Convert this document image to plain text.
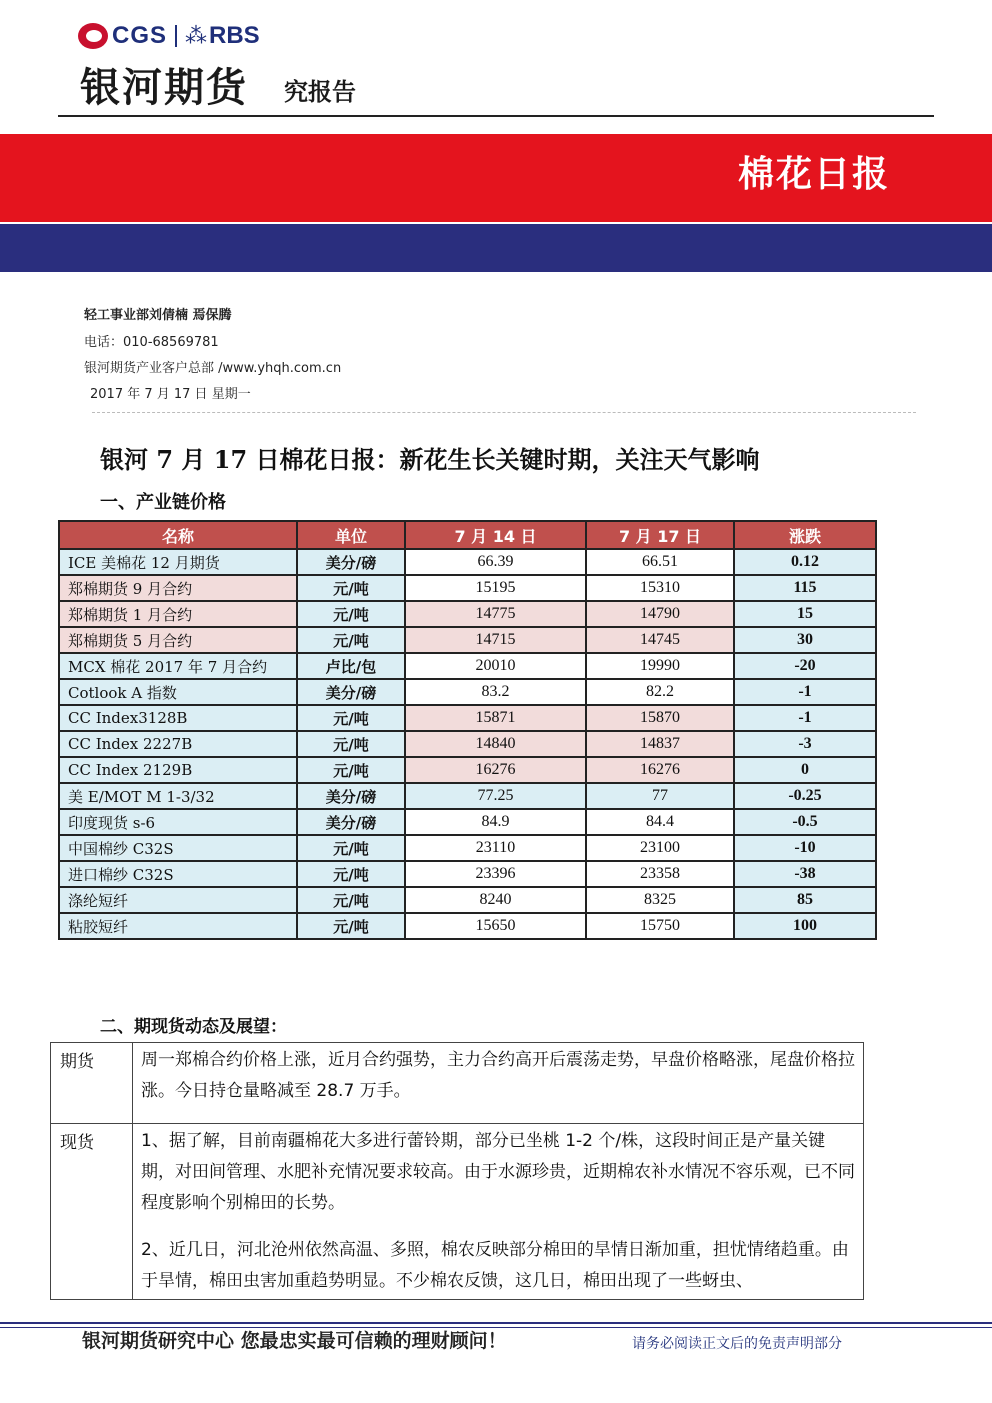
CGS ⁂ RBS
银河期货 究报告
棉花日报
轻工事业部刘倩楠 焉保腾
电话：010-68569781
银河期货产业客户总部 /www.yhqh.com.cn
2017 年 7 月 17 日 星期一
银河 7 月 17 日棉花日报：新花生长关键时期，关注天气影响
一、产业链价格
名称	单位	7 月 14 日	7 月 17 日	涨跌
ICE 美棉花 12 月期货	美分/磅	66.39	66.51	0.12
郑棉期货 9 月合约	元/吨	15195	15310	115
郑棉期货 1 月合约	元/吨	14775	14790	15
郑棉期货 5 月合约	元/吨	14715	14745	30
MCX 棉花 2017 年 7 月合约	卢比/包	20010	19990	-20
Cotlook A 指数	美分/磅	83.2	82.2	-1
CC Index3128B	元/吨	15871	15870	-1
CC Index 2227B	元/吨	14840	14837	-3
CC Index 2129B	元/吨	16276	16276	0
美 E/MOT M 1-3/32	美分/磅	77.25	77	-0.25
印度现货 s-6	美分/磅	84.9	84.4	-0.5
中国棉纱 C32S	元/吨	23110	23100	-10
进口棉纱 C32S	元/吨	23396	23358	-38
涤纶短纤	元/吨	8240	8325	85
粘胶短纤	元/吨	15650	15750	100
二、期现货动态及展望：
期货	周一郑棉合约价格上涨，近月合约强势，主力合约高开后震荡走势，早盘价格略涨，尾盘价格拉涨。今日持仓量略减至 28.7 万手。

现货	1、据了解，目前南疆棉花大多进行蕾铃期，部分已坐桃 1-2 个/株，这段时间正是产量关键期，对田间管理、水肥补充情况要求较高。由于水源珍贵，近期棉农补水情况不容乐观，已不同程度影响个别棉田的长势。

2、近几日，河北沧州依然高温、多照，棉农反映部分棉田的旱情日渐加重，担忧情绪趋重。由于旱情，棉田虫害加重趋势明显。不少棉农反馈，这几日，棉田出现了一些蚜虫、

银河期货研究中心 您最忠实最可信赖的理财顾问！	请务必阅读正文后的免责声明部分
